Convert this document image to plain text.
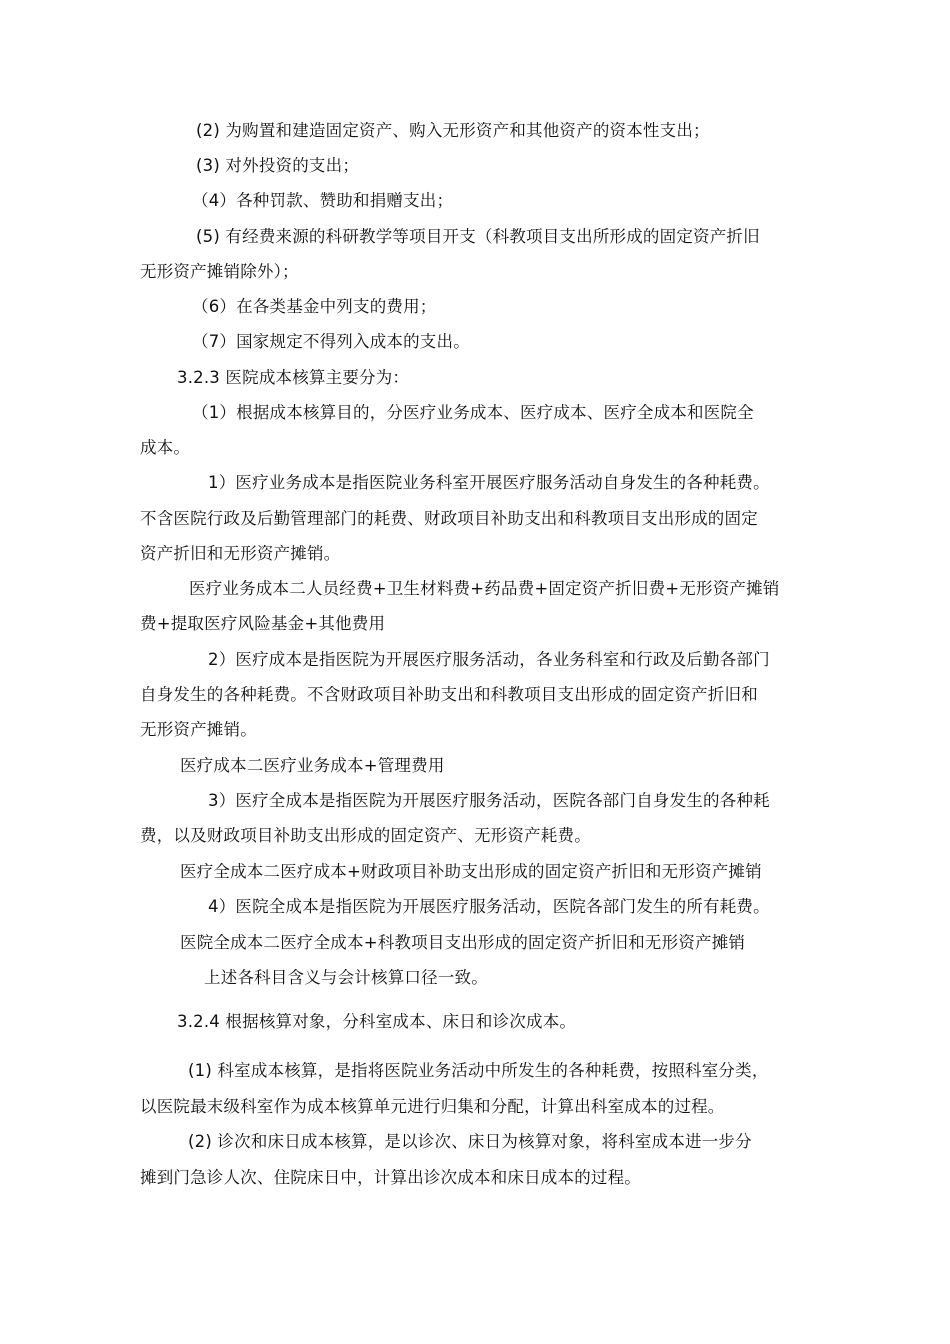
(2) 为购置和建造固定资产、购入无形资产和其他资产的资本性支出；
(3) 对外投资的支出；
（4）各种罚款、赞助和捐赠支出；
(5) 有经费来源的科研教学等项目开支（科教项目支出所形成的固定资产折旧
无形资产摊销除外）；
（6）在各类基金中列支的费用；
（7）国家规定不得列入成本的支出。
3.2.3 医院成本核算主要分为：
（1）根据成本核算目的，分医疗业务成本、医疗成本、医疗全成本和医院全
成本。
1）医疗业务成本是指医院业务科室开展医疗服务活动自身发生的各种耗费。
不含医院行政及后勤管理部门的耗费、财政项目补助支出和科教项目支出形成的固定
资产折旧和无形资产摊销。
医疗业务成本二人员经费+卫生材料费+药品费+固定资产折旧费+无形资产摊销
费+提取医疗风险基金+其他费用
2）医疗成本是指医院为开展医疗服务活动，各业务科室和行政及后勤各部门
自身发生的各种耗费。不含财政项目补助支出和科教项目支出形成的固定资产折旧和
无形资产摊销。
医疗成本二医疗业务成本+管理费用
3）医疗全成本是指医院为开展医疗服务活动，医院各部门自身发生的各种耗
费，以及财政项目补助支出形成的固定资产、无形资产耗费。
医疗全成本二医疗成本+财政项目补助支出形成的固定资产折旧和无形资产摊销
4）医院全成本是指医院为开展医疗服务活动，医院各部门发生的所有耗费。
医院全成本二医疗全成本+科教项目支出形成的固定资产折旧和无形资产摊销
上述各科目含义与会计核算口径一致。
3.2.4 根据核算对象，分科室成本、床日和诊次成本。
(1) 科室成本核算，是指将医院业务活动中所发生的各种耗费，按照科室分类，
以医院最末级科室作为成本核算单元进行归集和分配，计算出科室成本的过程。
(2) 诊次和床日成本核算，是以诊次、床日为核算对象，将科室成本进一步分
摊到门急诊人次、住院床日中，计算出诊次成本和床日成本的过程。
